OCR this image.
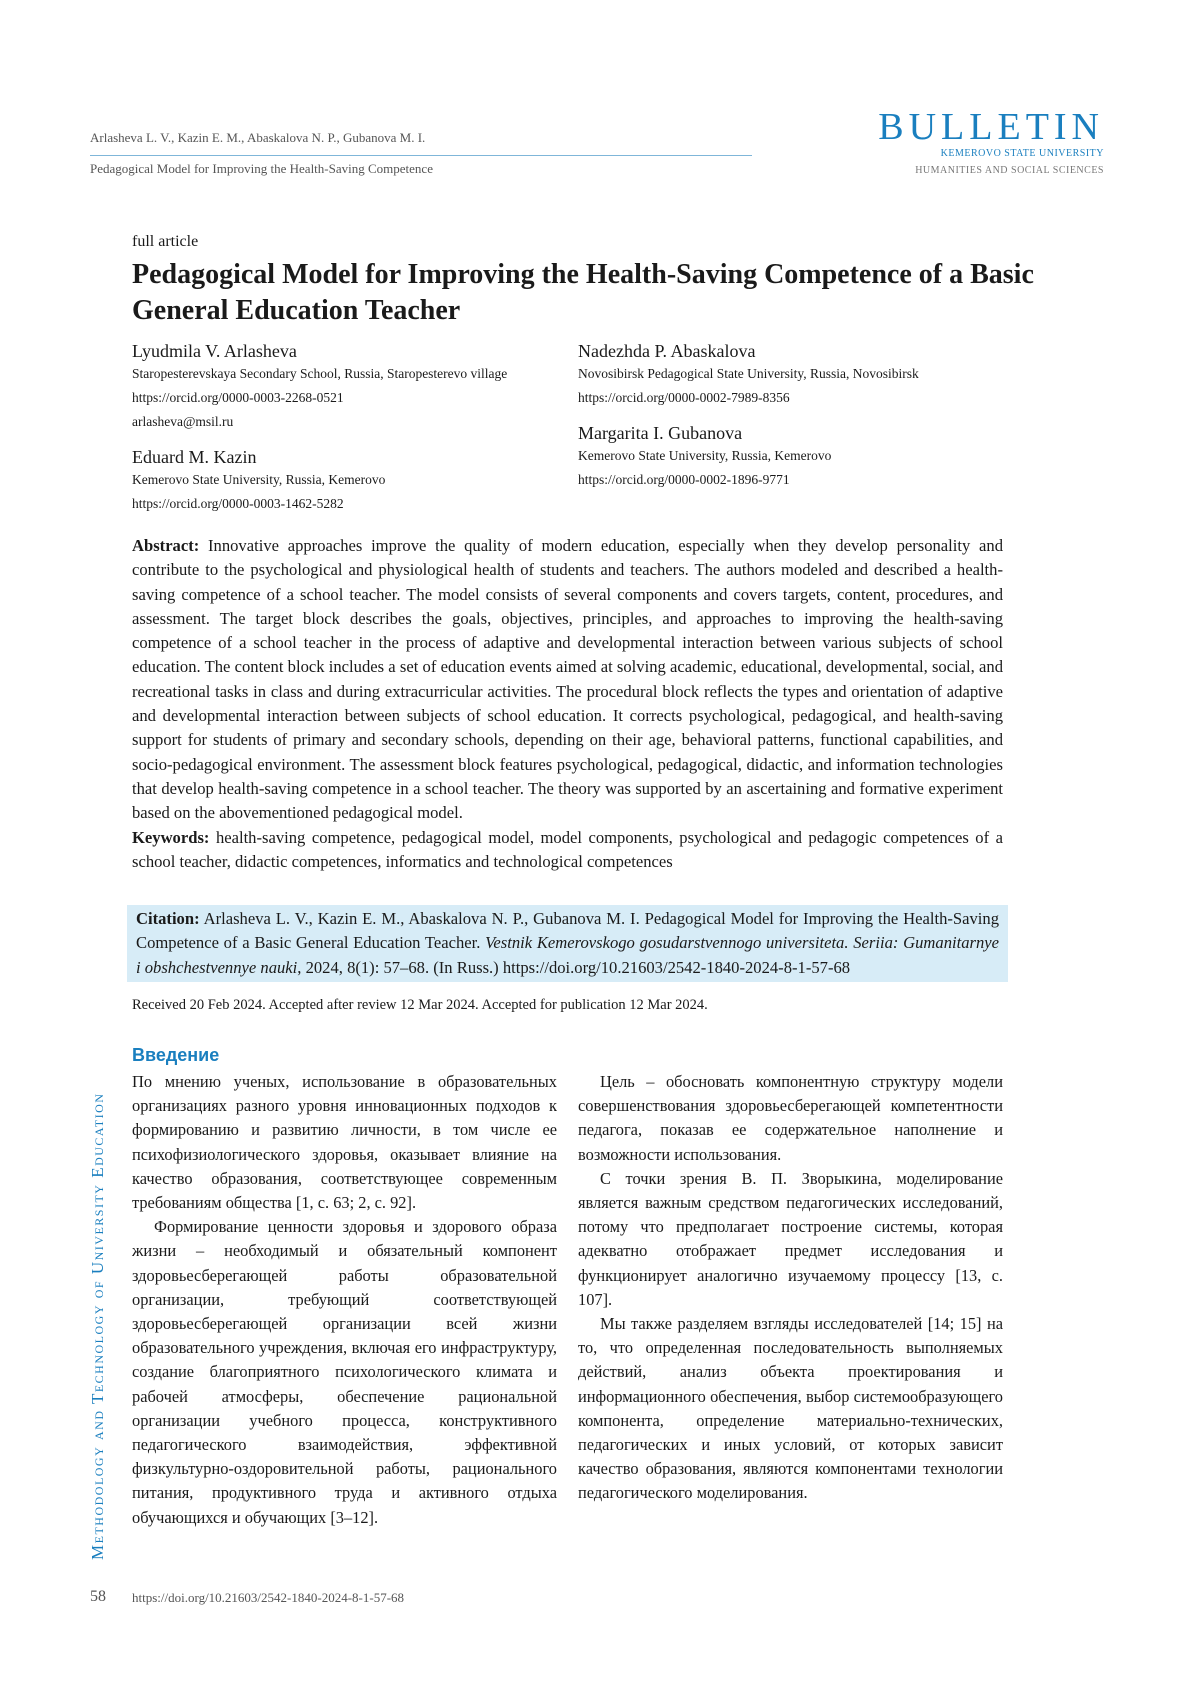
Arlasheva L. V., Kazin E. M., Abaskalova N. P., Gubanova M. I.
Pedagogical Model for Improving the Health-Saving Competence
BULLETIN
KEMEROVO STATE UNIVERSITY
HUMANITIES AND SOCIAL SCIENCES
full article
Pedagogical Model for Improving the Health-Saving Competence of a Basic General Education Teacher
Lyudmila V. Arlasheva
Staropesterevskaya Secondary School, Russia, Staropesterevo village
https://orcid.org/0000-0003-2268-0521
arlasheva@msil.ru
Eduard M. Kazin
Kemerovo State University, Russia, Kemerovo
https://orcid.org/0000-0003-1462-5282
Nadezhda P. Abaskalova
Novosibirsk Pedagogical State University, Russia, Novosibirsk
https://orcid.org/0000-0002-7989-8356
Margarita I. Gubanova
Kemerovo State University, Russia, Kemerovo
https://orcid.org/0000-0002-1896-9771
Abstract: Innovative approaches improve the quality of modern education, especially when they develop personality and contribute to the psychological and physiological health of students and teachers. The authors modeled and described a health-saving competence of a school teacher. The model consists of several components and covers targets, content, procedures, and assessment. The target block describes the goals, objectives, principles, and approaches to improving the health-saving competence of a school teacher in the process of adaptive and developmental interaction between various subjects of school education. The content block includes a set of education events aimed at solving academic, educational, developmental, social, and recreational tasks in class and during extracurricular activities. The procedural block reflects the types and orientation of adaptive and developmental interaction between subjects of school education. It corrects psychological, pedagogical, and health-saving support for students of primary and secondary schools, depending on their age, behavioral patterns, functional capabilities, and socio-pedagogical environment. The assessment block features psychological, pedagogical, didactic, and information technologies that develop health-saving competence in a school teacher. The theory was supported by an ascertaining and formative experiment based on the abovementioned pedagogical model.
Keywords: health-saving competence, pedagogical model, model components, psychological and pedagogic competences of a school teacher, didactic competences, informatics and technological competences
Citation: Arlasheva L. V., Kazin E. M., Abaskalova N. P., Gubanova M. I. Pedagogical Model for Improving the Health-Saving Competence of a Basic General Education Teacher. Vestnik Kemerovskogo gosudarstvennogo universiteta. Seriia: Gumanitarnye i obshchestvennye nauki, 2024, 8(1): 57–68. (In Russ.) https://doi.org/10.21603/2542-1840-2024-8-1-57-68
Received 20 Feb 2024. Accepted after review 12 Mar 2024. Accepted for publication 12 Mar 2024.
Methodology and Technology of University Education
Введение

По мнению ученых, использование в образовательных организациях разного уровня инновационных подходов к формированию и развитию личности, в том числе ее психофизиологического здоровья, оказывает влияние на качество образования, соответствующее современным требованиям общества [1, с. 63; 2, с. 92].

Формирование ценности здоровья и здорового образа жизни – необходимый и обязательный компонент здоровьесберегающей работы образовательной организации, требующий соответствующей здоровьесберегающей организации всей жизни образовательного учреждения, включая его инфраструктуру, создание благоприятного психологического климата и рабочей атмосферы, обеспечение рациональной организации учебного процесса, конструктивного педагогического взаимодействия, эффективной физкультурно-оздоровительной работы, рационального питания, продуктивного труда и активного отдыха обучающихся и обучающих [3–12].

Цель – обосновать компонентную структуру модели совершенствования здоровьесберегающей компетентности педагога, показав ее содержательное наполнение и возможности использования.

С точки зрения В. П. Зворыкина, моделирование является важным средством педагогических исследований, потому что предполагает построение системы, которая адекватно отображает предмет исследования и функционирует аналогично изучаемому процессу [13, с. 107].

Мы также разделяем взгляды исследователей [14; 15] на то, что определенная последовательность выполняемых действий, анализ объекта проектирования и информационного обеспечения, выбор системообразующего компонента, определение материально-технических, педагогических и иных условий, от которых зависит качество образования, являются компонентами технологии педагогического моделирования.

58 https://doi.org/10.21603/2542-1840-2024-8-1-57-68
